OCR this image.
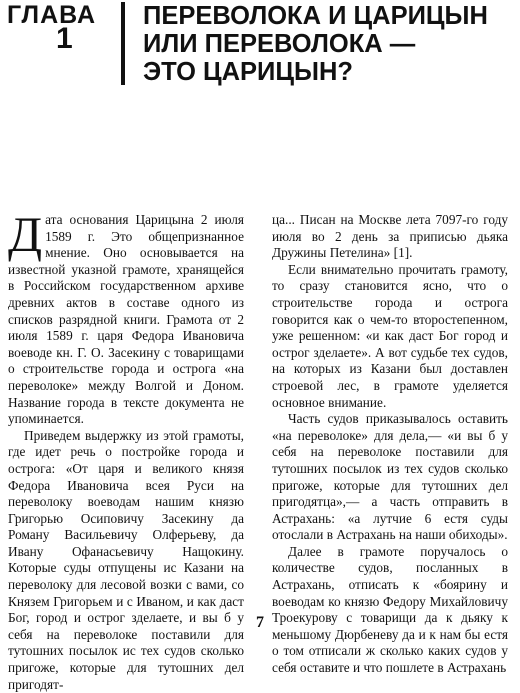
ГЛАВА
1
ПЕРЕВОЛОКА И ЦАРИЦЫН
ИЛИ ПЕРЕВОЛОКА —
ЭТО ЦАРИЦЫН?

Дата основания Царицына 2 июля 1589 г. Это общепризнанное мнение. Оно основывается на известной указной грамоте, хранящейся в Российском государственном архиве древних актов в составе одного из списков разрядной книги. Грамота от 2 июля 1589 г. царя Федора Ивановича воеводе кн. Г. О. Засекину с товарищами о строительстве города и острога «на переволоке» между Волгой и Доном. Название города в тексте документа не упоминается.

Приведем выдержку из этой грамоты, где идет речь о постройке города и острога: «От царя и великого князя Федора Ивановича всея Руси на переволоку воеводам нашим князю Григорью Осиповичу Засекину да Роману Васильевичу Олферьеву, да Ивану Офанасьевичу Нащокину. Которые суды отпущены ис Казани на переволоку для лесовой возки с вами, со Князем Григорьем и с Иваном, и как даст Бог, город и острог зделаете, и вы б у себя на переволоке поставили для тутошних посылок ис тех судов сколько пригоже, которые для тутошних дел пригодят-

ца... Писан на Москве лета 7097-го году июля во 2 день за приписью дьяка Дружины Петелина» [1].

Если внимательно прочитать грамоту, то сразу становится ясно, что о строительстве города и острога говорится как о чем-то второстепенном, уже решенном: «и как даст Бог город и острог зделаете». А вот судьбе тех судов, на которых из Казани был доставлен строевой лес, в грамоте уделяется основное внимание.

Часть судов приказывалось оставить «на переволоке» для дела,— «и вы б у себя на переволоке поставили для тутошних посылок из тех судов сколько пригоже, которые для тутошних дел пригодятца»,— а часть отправить в Астрахань: «а лутчие 6 естя суды отослали в Астрахань на наши обиходы».

Далее в грамоте поручалось о количестве судов, посланных в Астрахань, отписать к «боярину и воеводам ко князю Федору Михайловичу Троекурову с товарищи да к дьяку к меньшому Дюрбеневу да и к нам бы естя о том отписали ж сколько каких судов у себя оставите и что пошлете в Астрахань

7
